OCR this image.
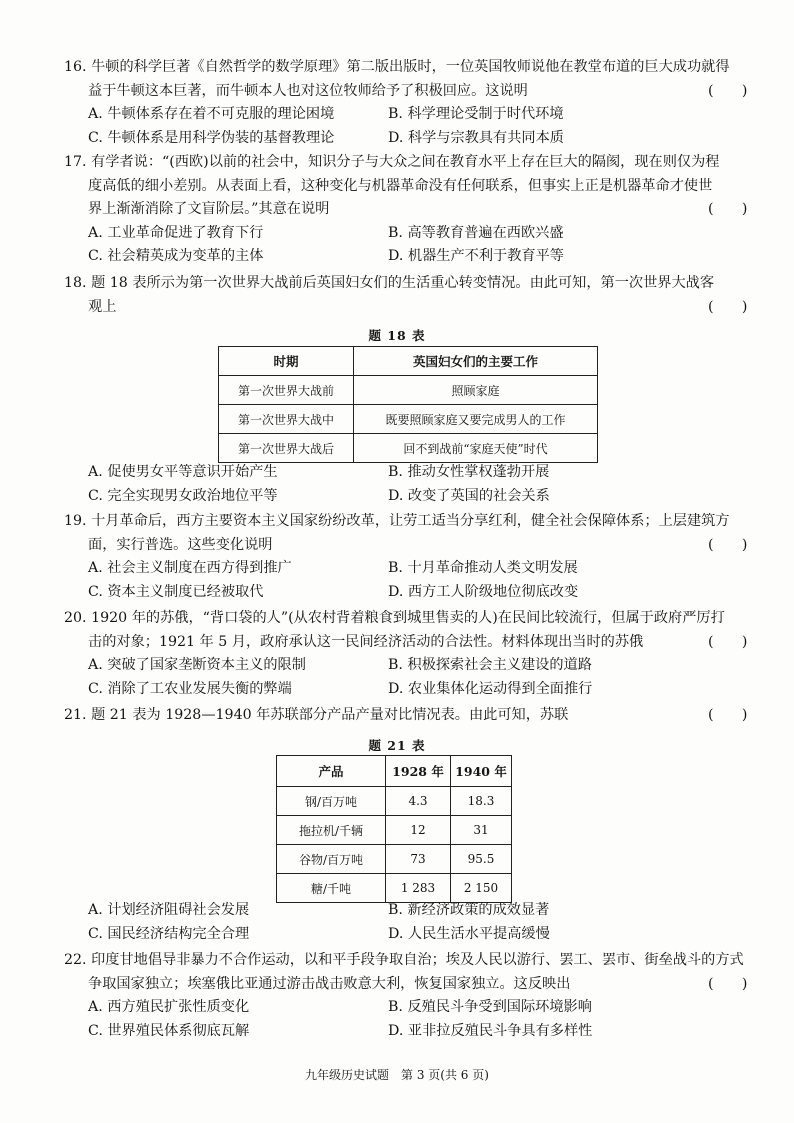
16. 牛顿的科学巨著《自然哲学的数学原理》第二版出版时，一位英国牧师说他在教堂布道的巨大成功就得

(　　)
益于牛顿这本巨著，而牛顿本人也对这位牧师给予了积极回应。这说明

A. 牛顿体系存在着不可克服的理论困境	B. 科学理论受制于时代环境
C. 牛顿体系是用科学伪装的基督教理论	D. 科学与宗教具有共同本质

17. 有学者说：“(西欧)以前的社会中，知识分子与大众之间在教育水平上存在巨大的隔阂，现在则仅为程

度高低的细小差别。从表面上看，这种变化与机器革命没有任何联系，但事实上正是机器革命才使世

(　　)
界上渐渐消除了文盲阶层。”其意在说明

A. 工业革命促进了教育下行	B. 高等教育普遍在西欧兴盛
C. 社会精英成为变革的主体	D. 机器生产不利于教育平等

18. 题 18 表所示为第一次世界大战前后英国妇女们的生活重心转变情况。由此可知，第一次世界大战客

(　　)
观上

题 18 表
时期	英国妇女们的主要工作
第一次世界大战前	照顾家庭
第一次世界大战中	既要照顾家庭又要完成男人的工作
第一次世界大战后	回不到战前“家庭天使”时代
A. 促使男女平等意识开始产生	B. 推动女性掌权蓬勃开展
C. 完全实现男女政治地位平等	D. 改变了英国的社会关系

19. 十月革命后，西方主要资本主义国家纷纷改革，让劳工适当分享红利，健全社会保障体系；上层建筑方

(　　)
面，实行普选。这些变化说明

A. 社会主义制度在西方得到推广	B. 十月革命推动人类文明发展
C. 资本主义制度已经被取代	D. 西方工人阶级地位彻底改变

20. 1920 年的苏俄，“背口袋的人”(从农村背着粮食到城里售卖的人)在民间比较流行，但属于政府严厉打

(　　)
击的对象；1921 年 5 月，政府承认这一民间经济活动的合法性。材料体现出当时的苏俄

A. 突破了国家垄断资本主义的限制	B. 积极探索社会主义建设的道路
C. 消除了工农业发展失衡的弊端	D. 农业集体化运动得到全面推行

(　　)
21. 题 21 表为 1928—1940 年苏联部分产品产量对比情况表。由此可知，苏联

题 21 表
产品	1928 年	1940 年
钢/百万吨	4.3	18.3
拖拉机/千辆	12	31
谷物/百万吨	73	95.5
糖/千吨	1 283	2 150
A. 计划经济阻碍社会发展	B. 新经济政策的成效显著
C. 国民经济结构完全合理	D. 人民生活水平提高缓慢

22. 印度甘地倡导非暴力不合作运动，以和平手段争取自治；埃及人民以游行、罢工、罢市、街垒战斗的方式

(　　)
争取国家独立；埃塞俄比亚通过游击战击败意大利，恢复国家独立。这反映出

A. 西方殖民扩张性质变化	B. 反殖民斗争受到国际环境影响
C. 世界殖民体系彻底瓦解	D. 亚非拉反殖民斗争具有多样性
九年级历史试题　第 3 页(共 6 页)
